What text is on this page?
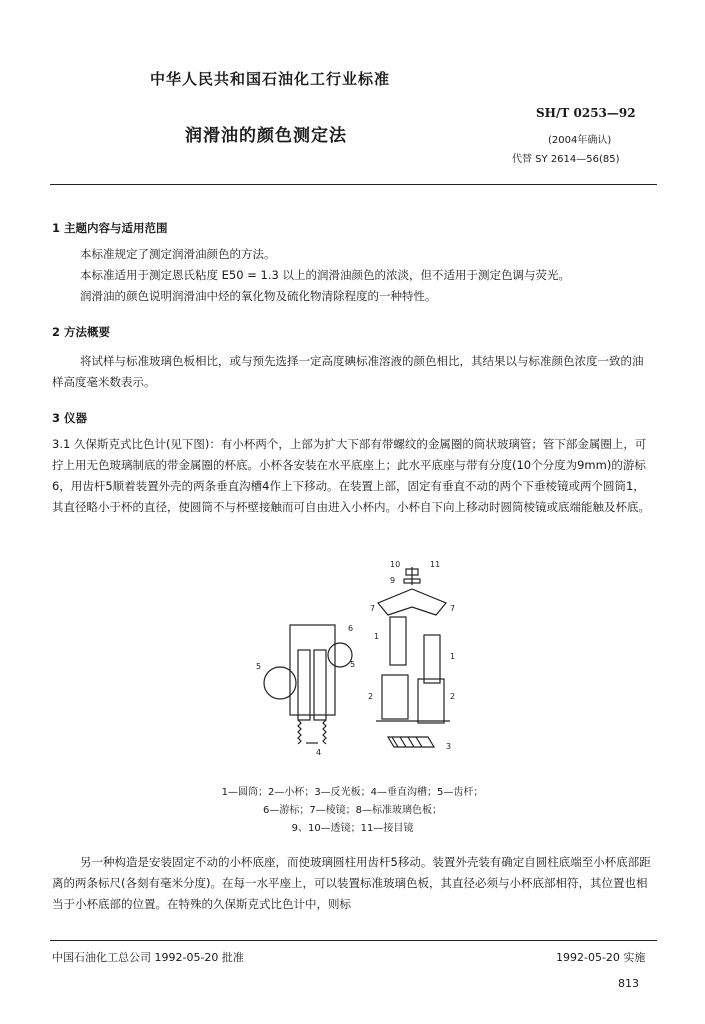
中华人民共和国石油化工行业标准
SH/T 0253—92
润滑油的颜色测定法	(2004年确认)
代替 SY 2614—56(85)
1 主题内容与适用范围
本标准规定了测定润滑油颜色的方法。
本标准适用于测定恩氏粘度 E50 = 1.3 以上的润滑油颜色的浓淡，但不适用于测定色调与荧光。
润滑油的颜色说明润滑油中烃的氧化物及硫化物清除程度的一种特性。
2 方法概要
将试样与标准玻璃色板相比，或与预先选择一定高度碘标准溶液的颜色相比，其结果以与标准颜色浓度一致的油样高度毫米数表示。
3 仪器
3.1 久保斯克式比色计(见下图)：有小杯两个，上部为扩大下部有带螺纹的金属圈的筒状玻璃管；管下部金属圈上，可拧上用无色玻璃制底的带金属圈的杯底。小杯各安装在水平底座上；此水平底座与带有分度(10个分度为9mm)的游标6，用齿杆5顺着装置外壳的两条垂直沟槽4作上下移动。在装置上部，固定有垂直不动的两个下垂棱镜或两个圆筒1，其直径略小于杯的直径，使圆筒不与杯壁接触而可自由进入小杯内。小杯自下向上移动时圆筒棱镜或底端能触及杯底。
10	11
9
7	7
1
1
5
6
5
2	2
3
4
1—圆筒；2—小杯；3—反光板；4—垂直沟槽；5—齿杆；
6—游标；7—棱镜；8—标准玻璃色板；
9、10—透镜；11—接目镜
另一种构造是安装固定不动的小杯底座，而使玻璃圆柱用齿杆5移动。装置外壳装有确定自圆柱底端至小杯底部距离的两条标尺(各刻有毫米分度)。在每一水平座上，可以装置标准玻璃色板，其直径必须与小杯底部相符，其位置也相当于小杯底部的位置。在特殊的久保斯克式比色计中，则标
中国石油化工总公司 1992-05-20 批准	1992-05-20 实施
813
